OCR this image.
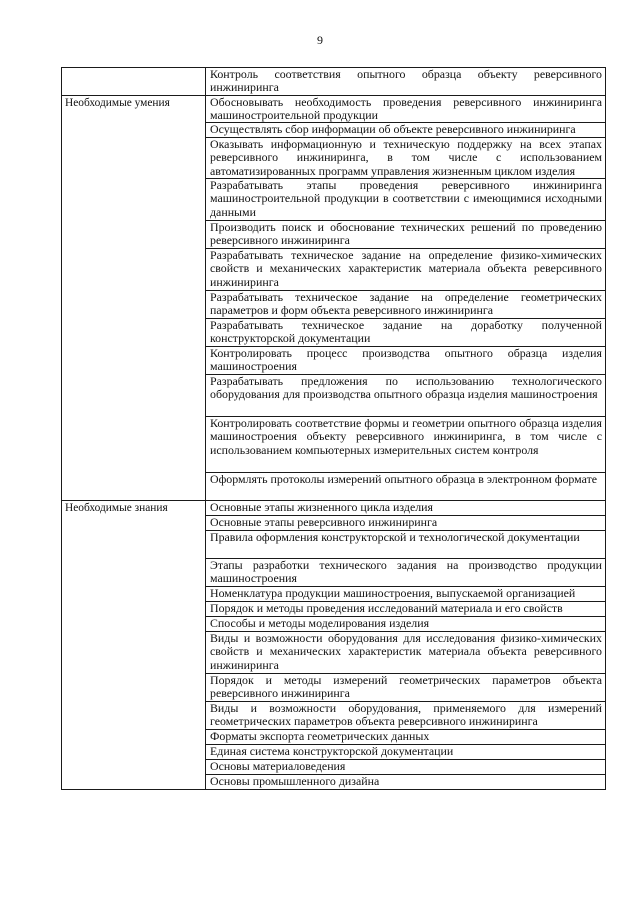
9
	Контроль соответствия опытного образца объекту реверсивного инжиниринга
Необходимые умения	Обосновывать необходимость проведения реверсивного инжиниринга машиностроительной продукции
	Осуществлять сбор информации об объекте реверсивного инжиниринга
	Оказывать информационную и техническую поддержку на всех этапах реверсивного инжиниринга, в том числе с использованием автоматизированных программ управления жизненным циклом изделия
	Разрабатывать этапы проведения реверсивного инжиниринга машиностроительной продукции в соответствии с имеющимися исходными данными
	Производить поиск и обоснование технических решений по проведению реверсивного инжиниринга
	Разрабатывать техническое задание на определение физико-химических свойств и механических характеристик материала объекта реверсивного инжиниринга
	Разрабатывать техническое задание на определение геометрических параметров и форм объекта реверсивного инжиниринга
	Разрабатывать техническое задание на доработку полученной конструкторской документации
	Контролировать процесс производства опытного образца изделия машиностроения
	Разрабатывать предложения по использованию технологического оборудования для производства опытного образца изделия машиностроения
	Контролировать соответствие формы и геометрии опытного образца изделия машиностроения объекту реверсивного инжиниринга, в том числе с использованием компьютерных измерительных систем контроля
	Оформлять протоколы измерений опытного образца в электронном формате
Необходимые знания	Основные этапы жизненного цикла изделия
	Основные этапы реверсивного инжиниринга
	Правила оформления конструкторской и технологической документации
	Этапы разработки технического задания на производство продукции машиностроения
	Номенклатура продукции машиностроения, выпускаемой организацией
	Порядок и методы проведения исследований материала и его свойств
	Способы и методы моделирования изделия
	Виды и возможности оборудования для исследования физико-химических свойств и механических характеристик материала объекта реверсивного инжиниринга
	Порядок и методы измерений геометрических параметров объекта реверсивного инжиниринга
	Виды и возможности оборудования, применяемого для измерений геометрических параметров объекта реверсивного инжиниринга
	Форматы экспорта геометрических данных
	Единая система конструкторской документации
	Основы материаловедения
	Основы промышленного дизайна
